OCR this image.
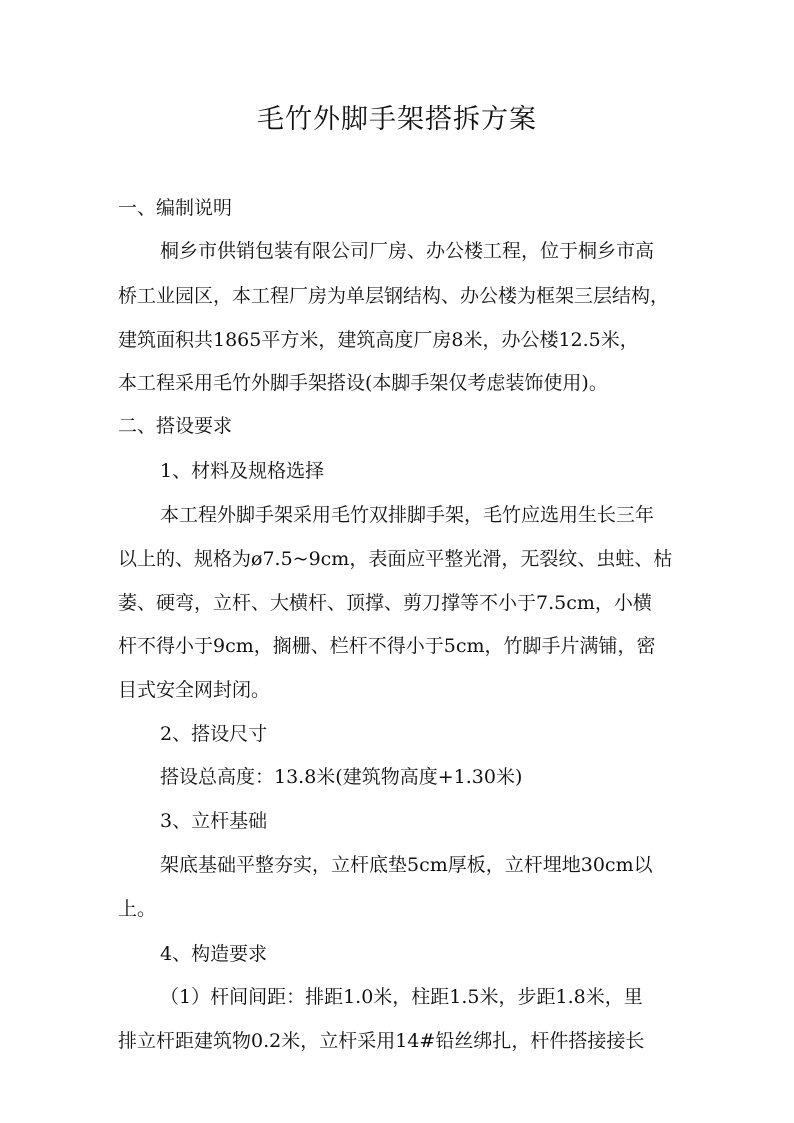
毛竹外脚手架搭拆方案
一、编制说明
桐乡市供销包装有限公司厂房、办公楼工程，位于桐乡市高
桥工业园区，本工程厂房为单层钢结构、办公楼为框架三层结构，
建筑面积共1865平方米，建筑高度厂房8米，办公楼12.5米，
本工程采用毛竹外脚手架搭设(本脚手架仅考虑装饰使用)。
二、搭设要求
1、材料及规格选择
本工程外脚手架采用毛竹双排脚手架，毛竹应选用生长三年
以上的、规格为ø7.5~9cm，表面应平整光滑，无裂纹、虫蛀、枯
萎、硬弯，立杆、大横杆、顶撑、剪刀撑等不小于7.5cm，小横
杆不得小于9cm，搁栅、栏杆不得小于5cm，竹脚手片满铺，密
目式安全网封闭。
2、搭设尺寸
搭设总高度：13.8米(建筑物高度+1.30米)
3、立杆基础
架底基础平整夯实，立杆底垫5cm厚板，立杆埋地30cm以
上。
4、构造要求
（1）杆间间距：排距1.0米，柱距1.5米，步距1.8米，里
排立杆距建筑物0.2米，立杆采用14#铅丝绑扎，杆件搭接接长
